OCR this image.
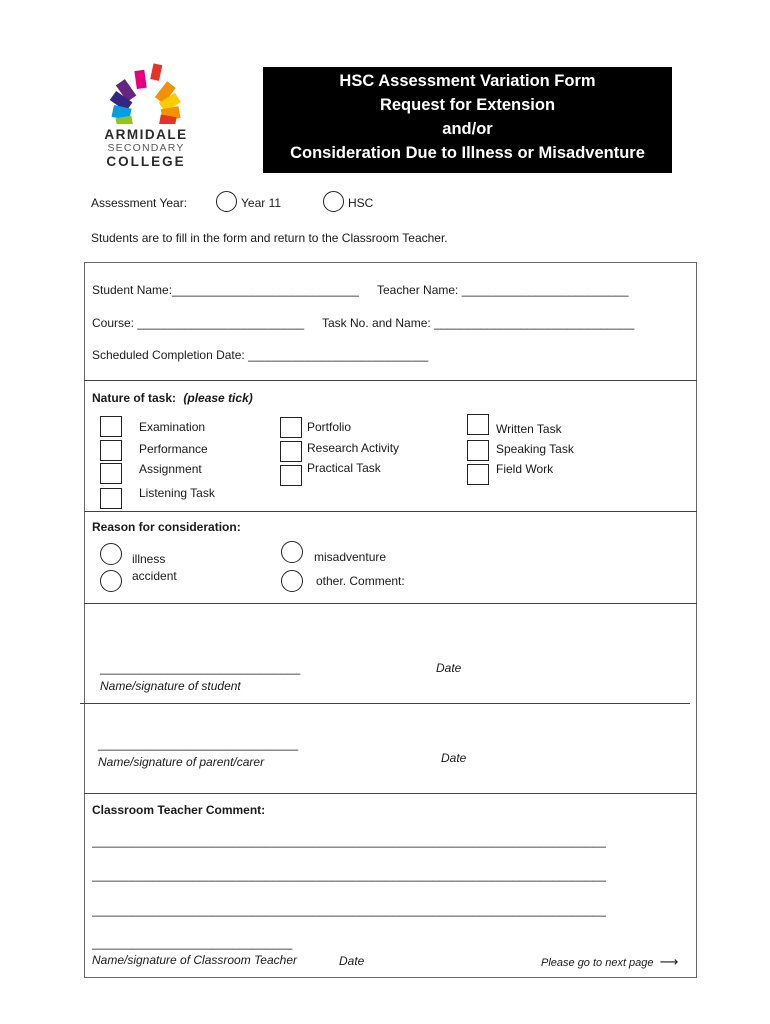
ARMIDALE
SECONDARY
COLLEGE
HSC Assessment Variation Form
Request for Extension
and/or
Consideration Due to Illness or Misadventure
Assessment Year:	Year 11	HSC
Students are to fill in the form and return to the Classroom Teacher.
Student Name:____________________________ Teacher Name: _________________________
Course: _________________________ Task No. and Name: ______________________________
Scheduled Completion Date: ___________________________
Nature of task: (please tick)
Examination
Performance
Assignment
Listening Task
Portfolio
Research Activity
Practical Task
Written Task
Speaking Task
Field Work
Reason for consideration:
illness
accident
misadventure
other. Comment:
______________________________
Name/signature of student
Date
______________________________
Name/signature of parent/carer	Date
Classroom Teacher Comment:
_____________________________________________________________________________
_____________________________________________________________________________
_____________________________________________________________________________
______________________________
Name/signature of Classroom Teacher	Date	Please go to next page ⟶
